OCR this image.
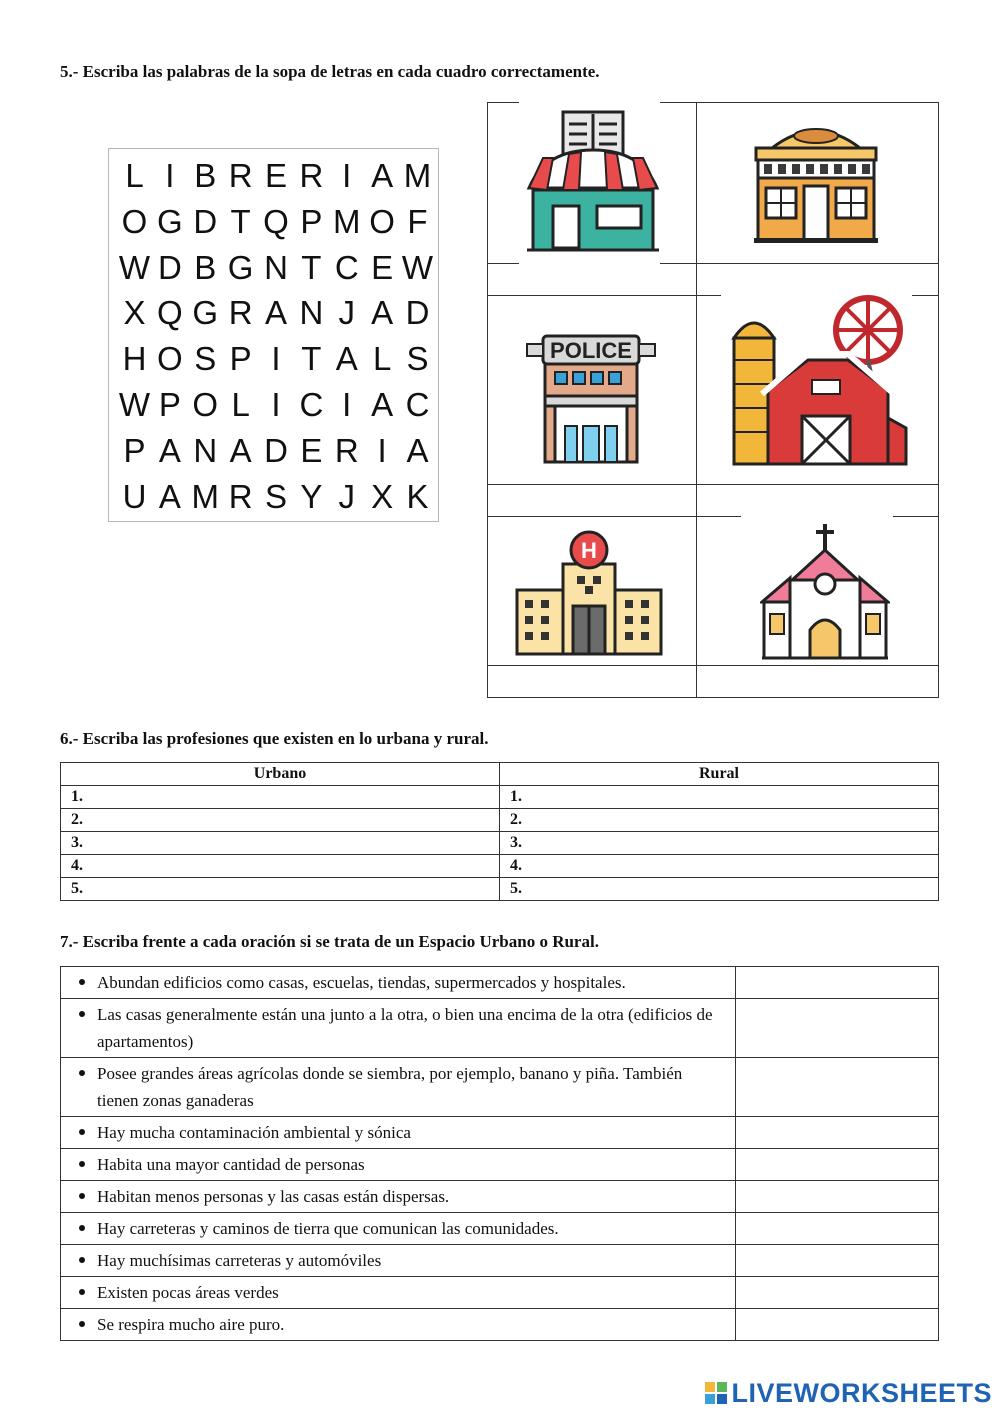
5.- Escriba las palabras de la sopa de letras en cada cuadro correctamente.
L I B R E R I A M
O G D T Q P M O F
W D B G N T C E W
X Q G R A N J A D
H O S P I T A L S
W P O L I C I A C
P A N A D E R I A
U A M R S Y J X K
POLICE
H
6.- Escriba las profesiones que existen en lo urbana y rural.
Urbano	Rural
1.	1.
2.	2.
3.	3.
4.	4.
5.	5.
7.- Escriba frente a cada oración si se trata de un Espacio Urbano o Rural.
Abundan edificios como casas, escuelas, tiendas, supermercados y hospitales.	
Las casas generalmente están una junto a la otra, o bien una encima de la otra (edificios de apartamentos)	
Posee grandes áreas agrícolas donde se siembra, por ejemplo, banano y piña. También tienen zonas ganaderas	
Hay mucha contaminación ambiental y sónica	
Habita una mayor cantidad de personas	
Habitan menos personas y las casas están dispersas.	
Hay carreteras y caminos de tierra que comunican las comunidades.	
Hay muchísimas carreteras y automóviles	
Existen pocas áreas verdes	
Se respira mucho aire puro.	
LIVEWORKSHEETS
